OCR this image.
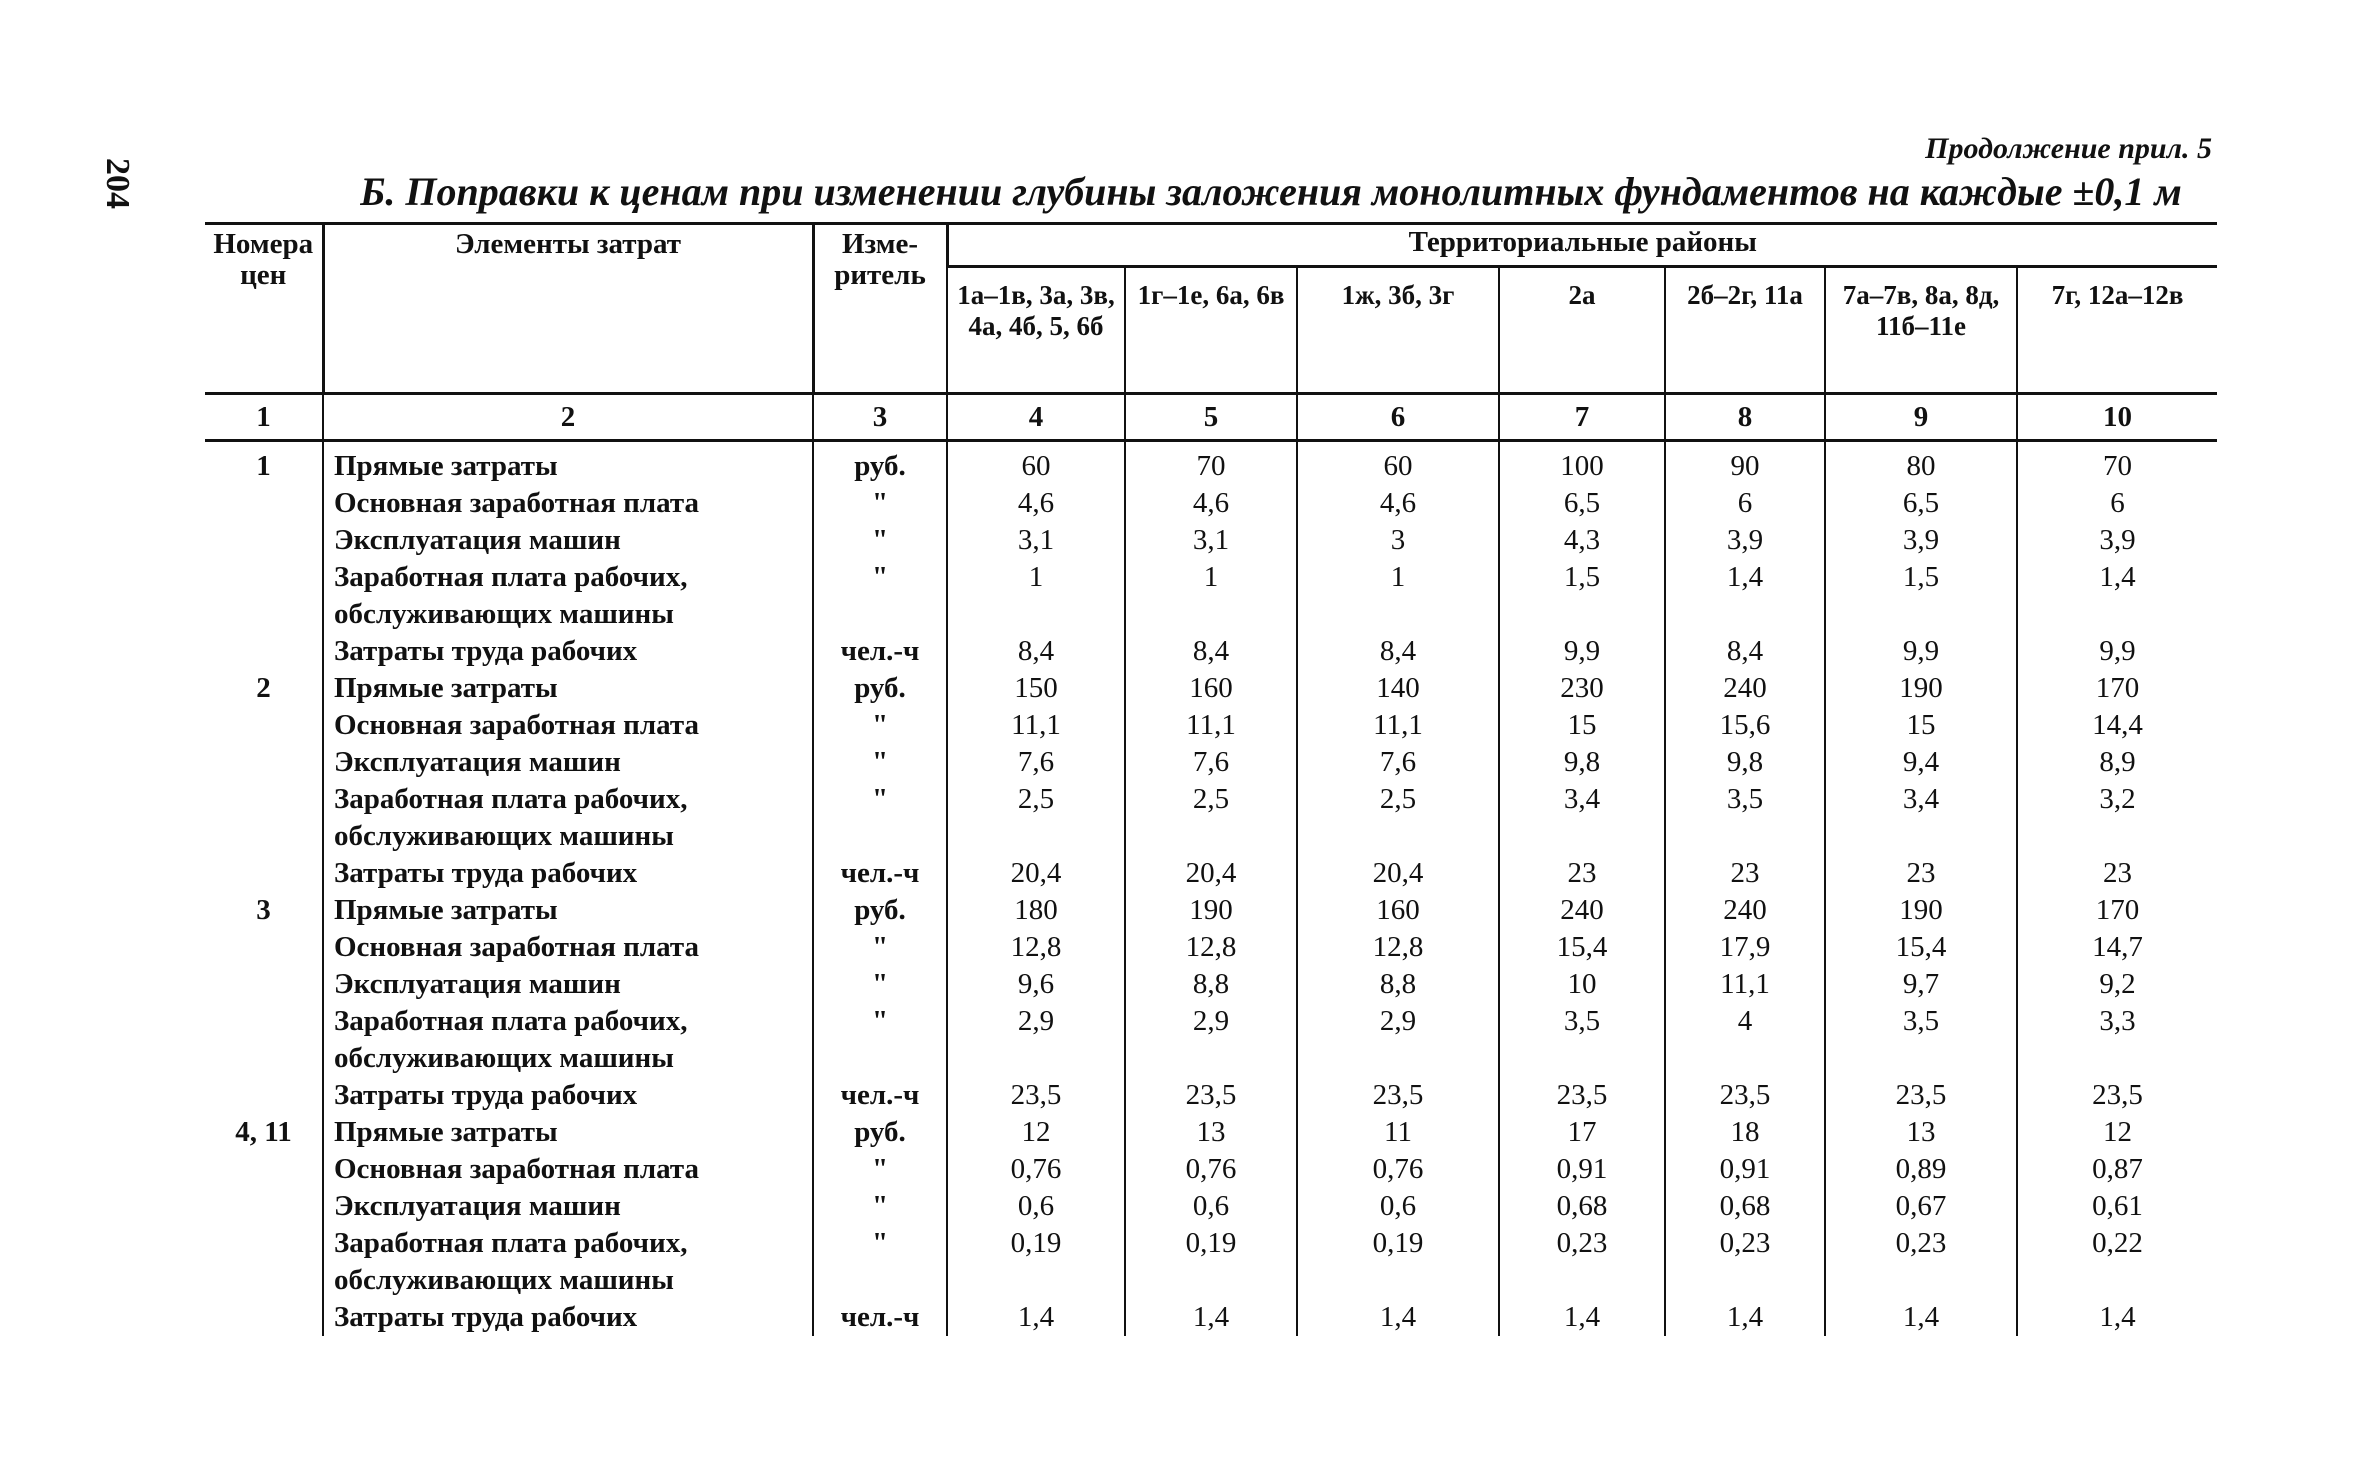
204
Продолжение прил. 5
Б. Поправки к ценам при изменении глубины заложения монолитных фундаментов на каждые ±0,1 м
Номера цен	Элементы затрат	Изме-ритель	Территориальные районы						
			1а–1в, 3а, 3в, 4а, 4б, 5, 6б	1г–1е, 6а, 6в	1ж, 3б, 3г	2а	2б–2г, 11а	7а–7в, 8а, 8д, 11б–11е	7г, 12а–12в
1	2	3	4	5	6	7	8	9	10
1	Прямые затраты	руб.	60	70	60	100	90	80	70
	Основная заработная плата	"	4,6	4,6	4,6	6,5	6	6,5	6
	Эксплуатация машин	"	3,1	3,1	3	4,3	3,9	3,9	3,9
	Заработная плата рабочих, обслуживающих машины	"	1	1	1	1,5	1,4	1,5	1,4
	Затраты труда рабочих	чел.-ч	8,4	8,4	8,4	9,9	8,4	9,9	9,9
2	Прямые затраты	руб.	150	160	140	230	240	190	170
	Основная заработная плата	"	11,1	11,1	11,1	15	15,6	15	14,4
	Эксплуатация машин	"	7,6	7,6	7,6	9,8	9,8	9,4	8,9
	Заработная плата рабочих, обслуживающих машины	"	2,5	2,5	2,5	3,4	3,5	3,4	3,2
	Затраты труда рабочих	чел.-ч	20,4	20,4	20,4	23	23	23	23
3	Прямые затраты	руб.	180	190	160	240	240	190	170
	Основная заработная плата	"	12,8	12,8	12,8	15,4	17,9	15,4	14,7
	Эксплуатация машин	"	9,6	8,8	8,8	10	11,1	9,7	9,2
	Заработная плата рабочих, обслуживающих машины	"	2,9	2,9	2,9	3,5	4	3,5	3,3
	Затраты труда рабочих	чел.-ч	23,5	23,5	23,5	23,5	23,5	23,5	23,5
4, 11	Прямые затраты	руб.	12	13	11	17	18	13	12
	Основная заработная плата	"	0,76	0,76	0,76	0,91	0,91	0,89	0,87
	Эксплуатация машин	"	0,6	0,6	0,6	0,68	0,68	0,67	0,61
	Заработная плата рабочих, обслуживающих машины	"	0,19	0,19	0,19	0,23	0,23	0,23	0,22
	Затраты труда рабочих	чел.-ч	1,4	1,4	1,4	1,4	1,4	1,4	1,4
